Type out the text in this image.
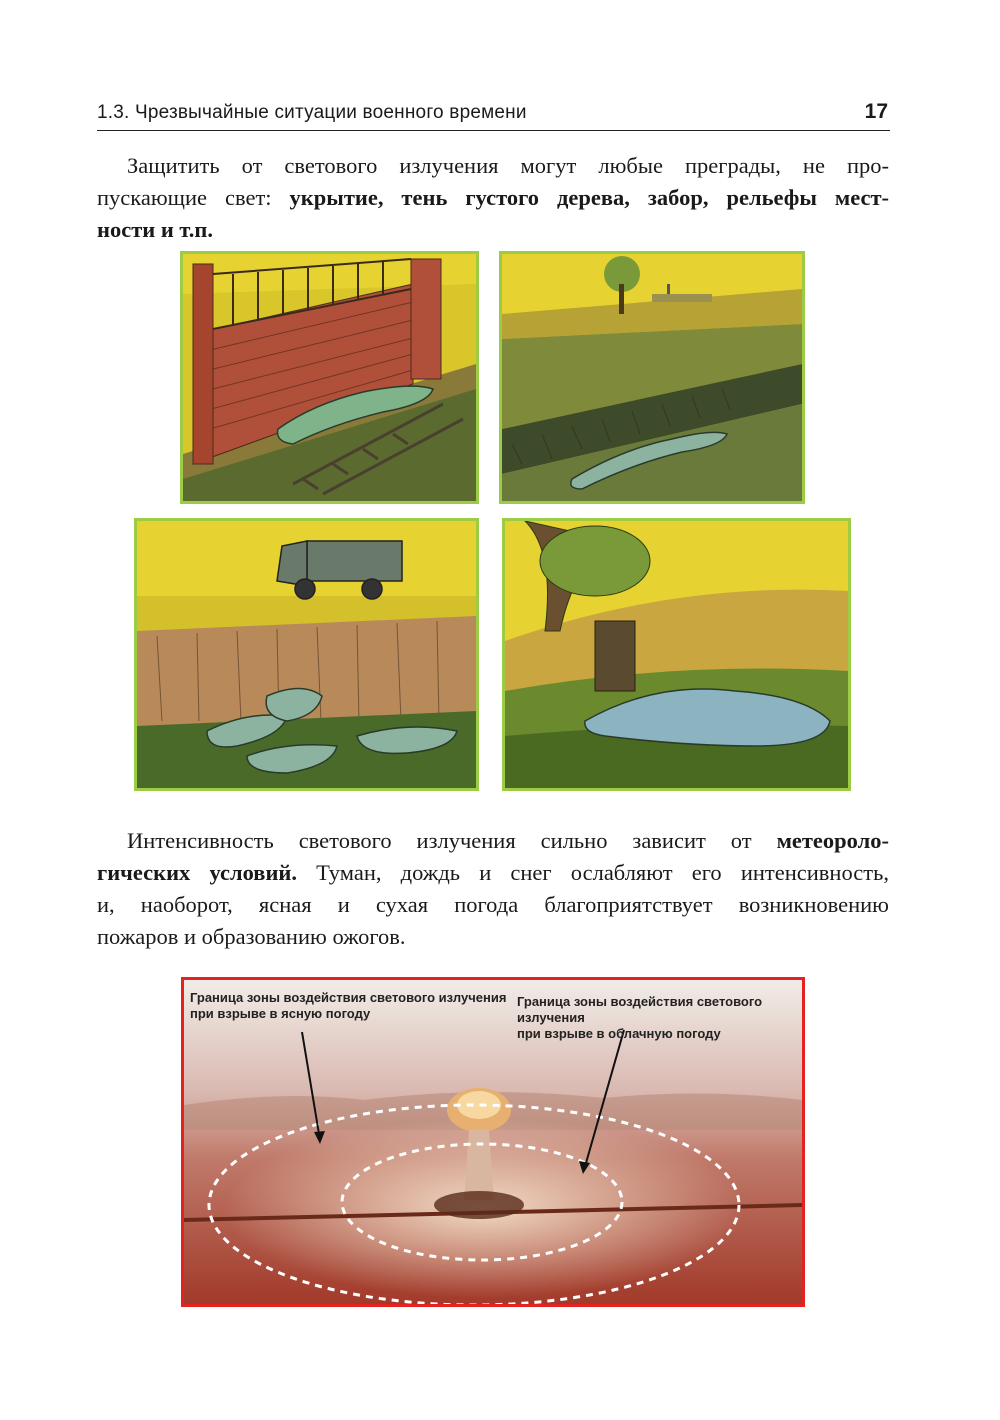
1.3. Чрезвычайные ситуации военного времени	17
Защитить от светового излучения могут любые преграды, не про-
пускающие свет: укрытие, тень густого дерева, забор, рельефы мест-
ности и т.п.
Интенсивность светового излучения сильно зависит от метеороло-
гических условий. Туман, дождь и снег ослабляют его интенсивность,
и, наоборот, ясная и сухая погода благоприятствует возникновению
пожаров и образованию ожогов.
Граница зоны воздействия светового излучения
при взрыве в ясную погоду
Граница зоны воздействия светового излучения
при взрыве в облачную погоду
